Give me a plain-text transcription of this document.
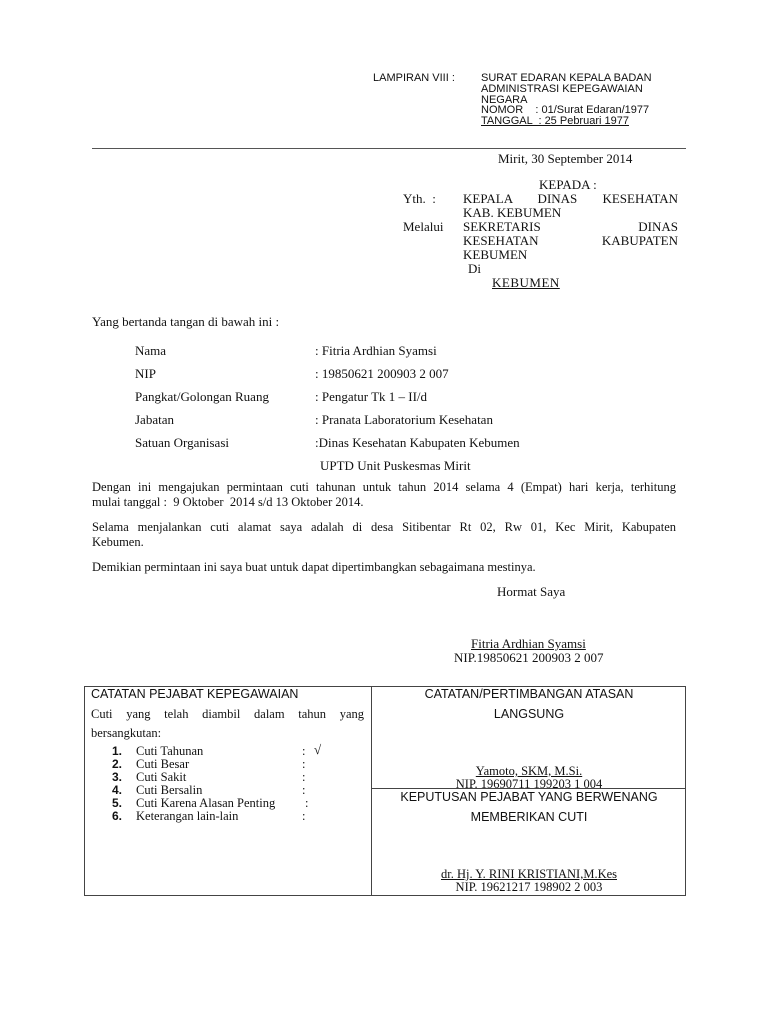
LAMPIRAN VIII : SURAT EDARAN KEPALA BADAN
ADMINISTRASI KEPEGAWAIAN
NEGARA
NOMOR    : 01/Surat Edaran/1977
TANGGAL  : 25 Pebruari 1977
Mirit, 30 September 2014
KEPADA :
Yth.  : KEPALA DINAS KESEHATAN
KAB. KEBUMEN
Melalui SEKRETARIS DINAS
KESEHATAN KABUPATEN
KEBUMEN
Di
KEBUMEN
Yang bertanda tangan di bawah ini :
Nama	: Fitria Ardhian Syamsi
NIP	: 19850621 200903 2 007
Pangkat/Golongan Ruang	: Pengatur Tk 1 – II/d
Jabatan	: Pranata Laboratorium Kesehatan
Satuan Organisasi	:Dinas Kesehatan Kabupaten Kebumen
UPTD Unit Puskesmas Mirit
Dengan ini mengajukan permintaan cuti tahunan untuk tahun 2014 selama 4 (Empat) hari kerja, terhitung
mulai tanggal :  9 Oktober  2014 s/d 13 Oktober 2014.
Selama menjalankan cuti alamat saya adalah di desa Sitibentar Rt 02, Rw 01, Kec Mirit, Kabupaten
Kebumen.
Demikian permintaan ini saya buat untuk dapat dipertimbangkan sebagaimana mestinya.
Hormat Saya
Fitria Ardhian Syamsi
NIP.19850621 200903 2 007
CATATAN PEJABAT KEPEGAWAIAN
Cuti yang telah diambil dalam tahun yang
bersangkutan:
1. Cuti Tahunan	: √
2. Cuti Besar	:
3. Cuti Sakit	:
4. Cuti Bersalin	:
5. Cuti Karena Alasan Penting :
6. Keterangan lain-lain	:
CATATAN/PERTIMBANGAN ATASAN
LANGSUNG
Yamoto, SKM, M.Si.
NIP. 19690711 199203 1 004
KEPUTUSAN PEJABAT YANG BERWENANG
MEMBERIKAN CUTI
dr. Hj. Y. RINI KRISTIANI,M.Kes
NIP. 19621217 198902 2 003
